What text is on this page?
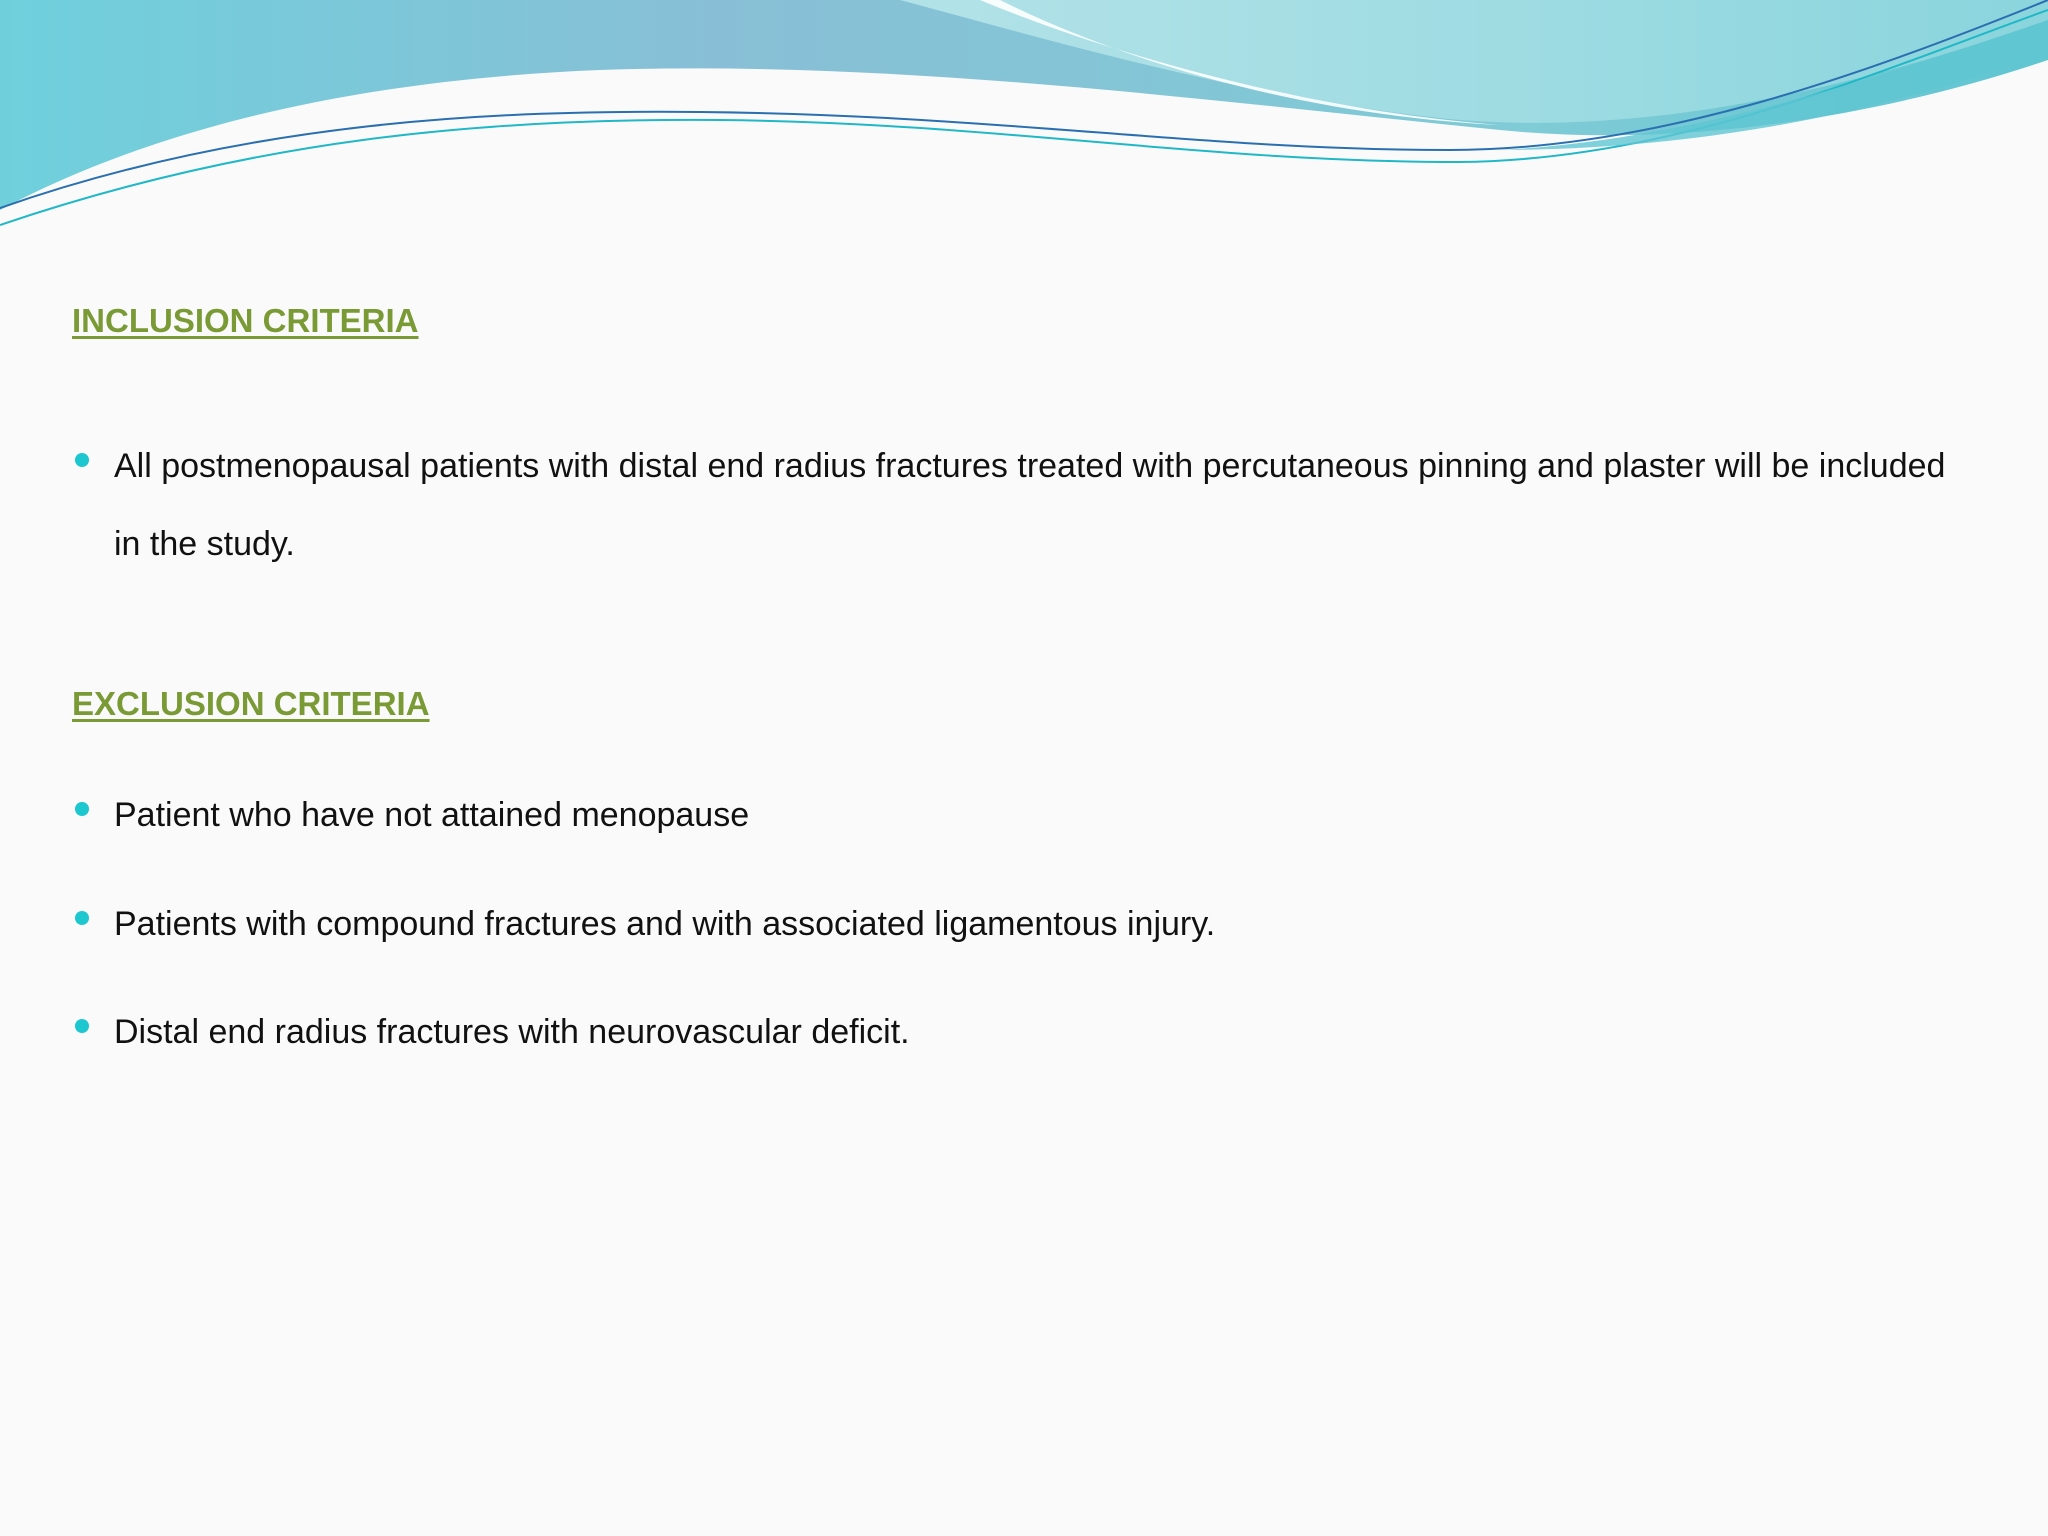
INCLUSION CRITERIA
All postmenopausal patients with distal end radius fractures treated with percutaneous pinning and plaster will be included in the study.
EXCLUSION CRITERIA
Patient who have not attained menopause
Patients with compound fractures and with associated ligamentous injury.
Distal end radius fractures with neurovascular deficit.
